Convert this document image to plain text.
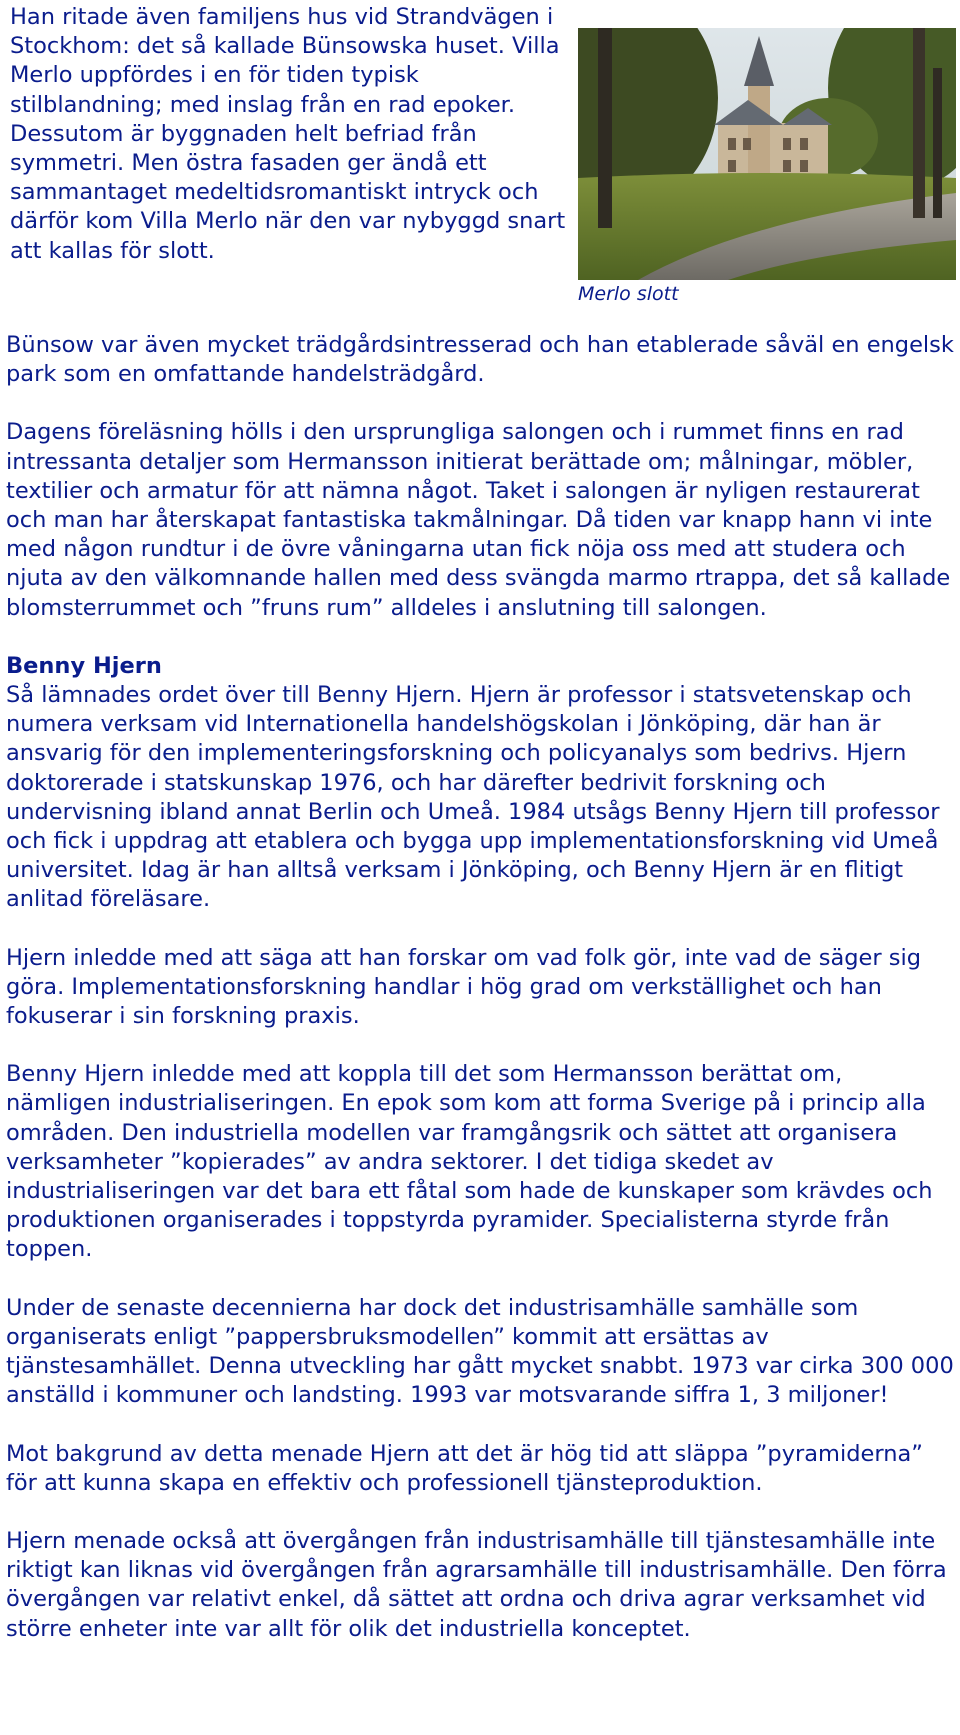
Han ritade även familjens hus vid Strandvägen i Stockhom: det så kallade Bünsowska huset. Villa Merlo uppfördes i en för tiden typisk stilblandning; med inslag från en rad epoker. Dessutom är byggnaden helt befriad från symmetri. Men östra fasaden ger ändå ett sammantaget medeltidsromantiskt intryck och därför kom Villa Merlo när den var nybyggd snart att kallas för slott.

Merlo slott

Bünsow var även mycket trädgårdsintresserad och han etablerade såväl en engelsk park som en omfattande handelsträdgård.

Dagens föreläsning hölls i den ursprungliga salongen och i rummet finns en rad intressanta detaljer som Hermansson initierat berättade om; målningar, möbler, textilier och armatur för att nämna något. Taket i salongen är nyligen restaurerat och man har återskapat fantastiska takmålningar. Då tiden var knapp hann vi inte med någon rundtur i de övre våningarna utan fick nöja oss med att studera och njuta av den välkomnande hallen med dess svängda marmo rtrappa, det så kallade blomsterrummet och ”fruns rum” alldeles i anslutning till salongen.

Benny Hjern

Så lämnades ordet över till Benny Hjern. Hjern är professor i statsvetenskap och numera verksam vid Internationella handelshögskolan i Jönköping, där han är ansvarig för den implementeringsforskning och policyanalys som bedrivs. Hjern doktorerade i statskunskap 1976, och har därefter bedrivit forskning och undervisning ibland annat Berlin och Umeå. 1984 utsågs Benny Hjern till professor och fick i uppdrag att etablera och bygga upp implementationsforskning vid Umeå universitet. Idag är han alltså verksam i Jönköping, och Benny Hjern är en flitigt anlitad föreläsare.

Hjern inledde med att säga att han forskar om vad folk gör, inte vad de säger sig göra. Implementationsforskning handlar i hög grad om verkställighet och han fokuserar i sin forskning praxis.

Benny Hjern inledde med att koppla till det som Hermansson berättat om, nämligen industrialiseringen. En epok som kom att forma Sverige på i princip alla områden. Den industriella modellen var framgångsrik och sättet att organisera verksamheter ”kopierades” av andra sektorer. I det tidiga skedet av industrialiseringen var det bara ett fåtal som hade de kunskaper som krävdes och produktionen organiserades i toppstyrda pyramider. Specialisterna styrde från toppen.

Under de senaste decennierna har dock det industrisamhälle samhälle som organiserats enligt ”pappersbruksmodellen” kommit att ersättas av tjänstesamhället. Denna utveckling har gått mycket snabbt. 1973 var cirka 300 000 anställd i kommuner och landsting. 1993 var motsvarande siffra 1, 3 miljoner!

Mot bakgrund av detta menade Hjern att det är hög tid att släppa ”pyramiderna” för att kunna skapa en effektiv och professionell tjänsteproduktion.

Hjern menade också att övergången från industrisamhälle till tjänstesamhälle inte riktigt kan liknas vid övergången från agrarsamhälle till industrisamhälle. Den förra övergången var relativt enkel, då sättet att ordna och driva agrar verksamhet vid större enheter inte var allt för olik det industriella konceptet.
